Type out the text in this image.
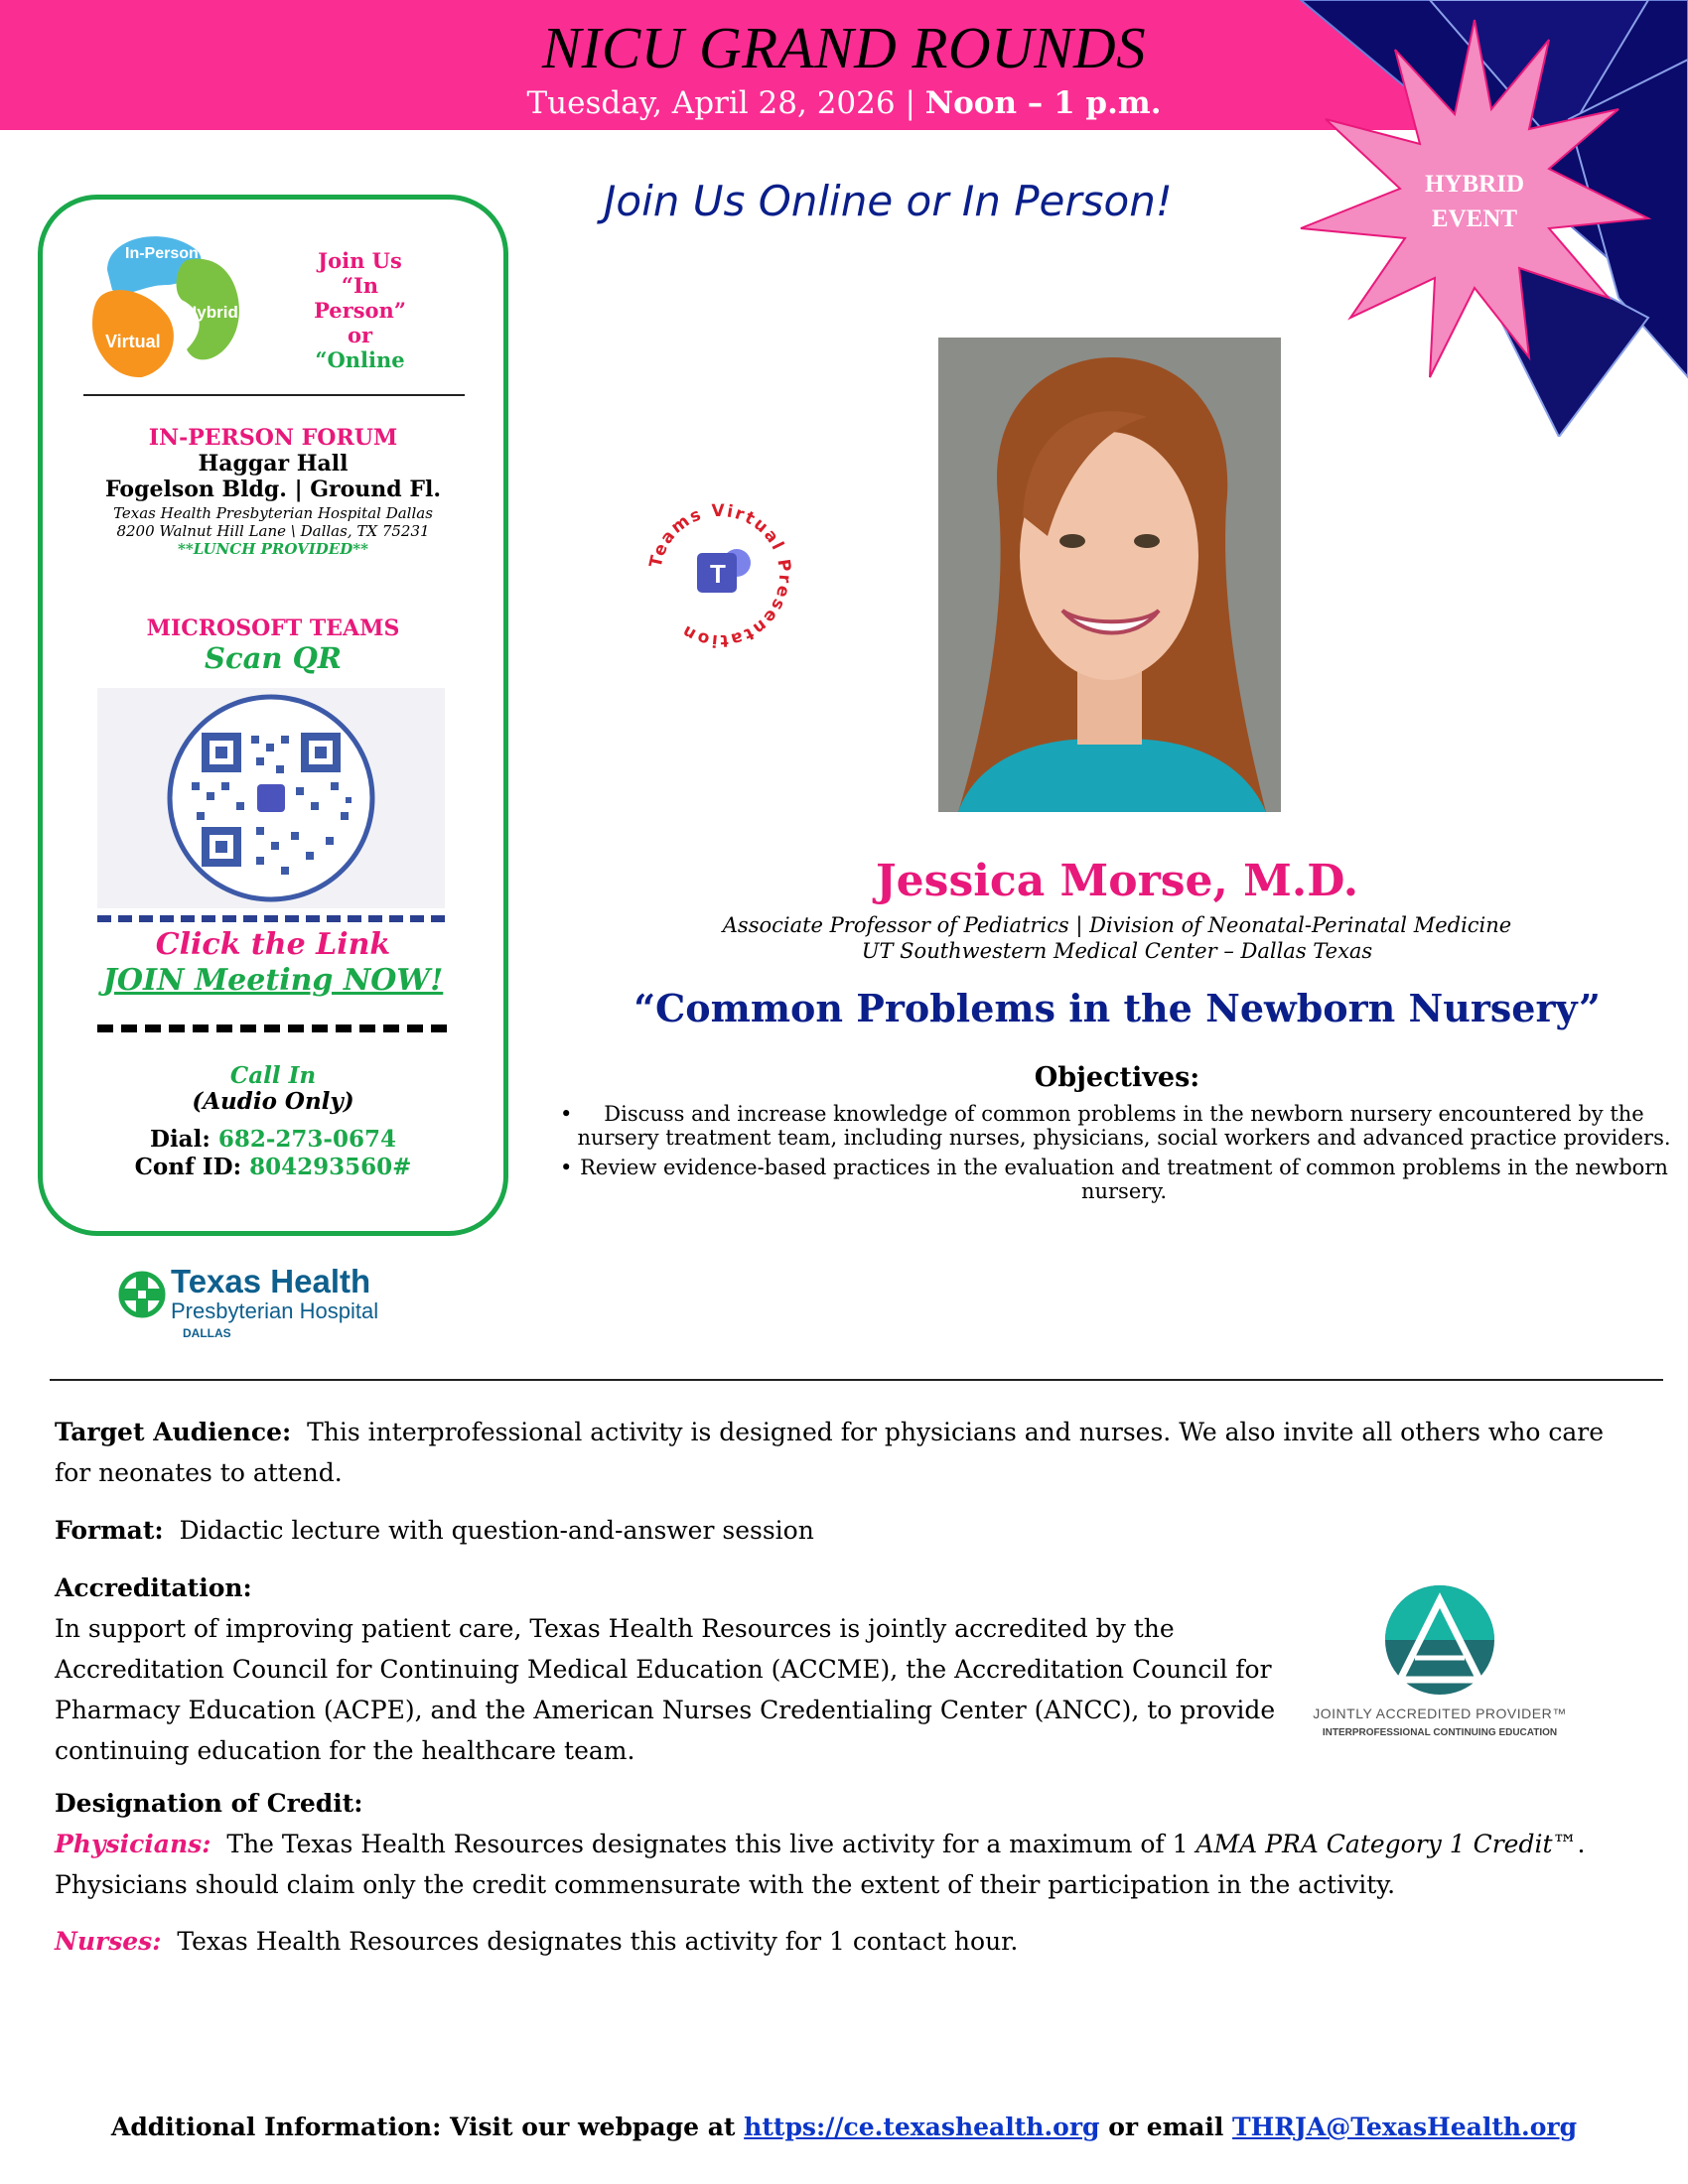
NICU GRAND ROUNDS
Tuesday, April 28, 2026 | Noon – 1 p.m.
HYBRID
EVENT
Join Us Online or In Person!
In-Person
Hybrid
Virtual
Join Us
“In
Person”
or
“Online
IN-PERSON FORUM
Haggar Hall
Fogelson Bldg. | Ground Fl.
Texas Health Presbyterian Hospital Dallas
8200 Walnut Hill Lane \ Dallas, TX 75231
**LUNCH PROVIDED**
MICROSOFT TEAMS
Scan QR
Click the Link
JOIN Meeting NOW!
Call In
(Audio Only)
Dial: 682-273-0674
Conf ID: 804293560#
Texas Health
Presbyterian Hospital
DALLAS
Teams Virtual Presentation
T
Jessica Morse, M.D.
Associate Professor of Pediatrics | Division of Neonatal-Perinatal Medicine
UT Southwestern Medical Center – Dallas Texas
“Common Problems in the Newborn Nursery”
Objectives:
• Discuss and increase knowledge of common problems in the newborn nursery encountered by the nursery treatment team, including nurses, physicians, social workers and advanced practice providers.
• Review evidence-based practices in the evaluation and treatment of common problems in the newborn nursery.
Target Audience: This interprofessional activity is designed for physicians and nurses. We also invite all others who care for neonates to attend.
Format: Didactic lecture with question-and-answer session
Accreditation:
In support of improving patient care, Texas Health Resources is jointly accredited by the Accreditation Council for Continuing Medical Education (ACCME), the Accreditation Council for Pharmacy Education (ACPE), and the American Nurses Credentialing Center (ANCC), to provide continuing education for the healthcare team.
Designation of Credit:
Physicians: The Texas Health Resources designates this live activity for a maximum of 1 AMA PRA Category 1 Credit™. Physicians should claim only the credit commensurate with the extent of their participation in the activity.
Nurses: Texas Health Resources designates this activity for 1 contact hour.
JOINTLY ACCREDITED PROVIDER™
INTERPROFESSIONAL CONTINUING EDUCATION
Additional Information: Visit our webpage at https://ce.texashealth.org or email THRJA@TexasHealth.org
